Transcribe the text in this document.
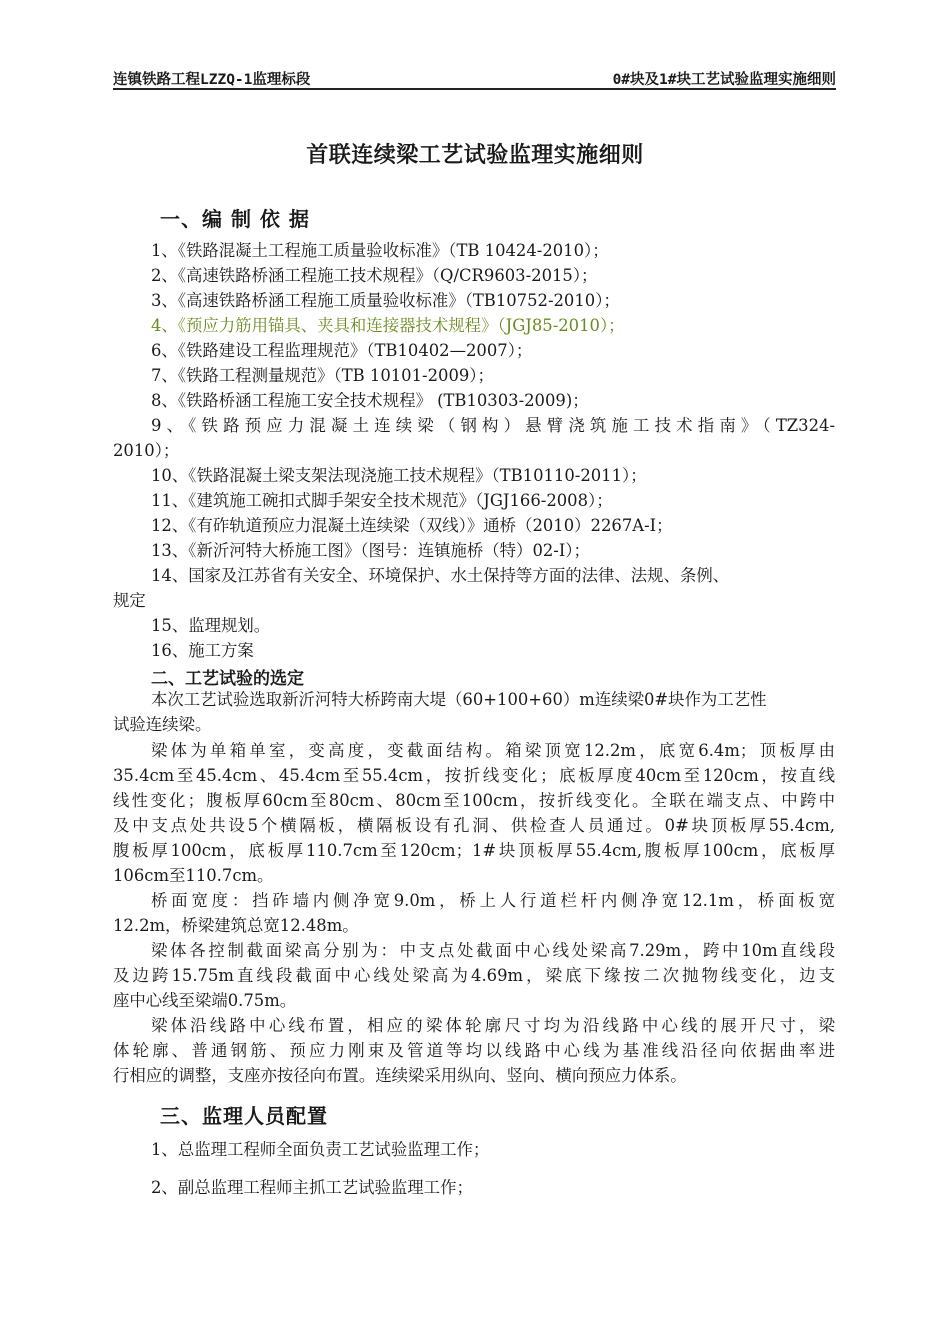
连镇铁路工程LZZQ-1监理标段	0#块及1#块工艺试验监理实施细则
首联连续梁工艺试验监理实施细则
一、编 制 依 据
1、《铁路混凝土工程施工质量验收标准》（TB 10424-2010）；
2、《高速铁路桥涵工程施工技术规程》（Q/CR9603-2015）；
3、《高速铁路桥涵工程施工质量验收标准》（TB10752-2010）；
4、《预应力筋用锚具、夹具和连接器技术规程》（JGJ85-2010）；
6、《铁路建设工程监理规范》（TB10402—2007）；
7、《铁路工程测量规范》（TB 10101-2009）；
8、《铁路桥涵工程施工安全技术规程》 (TB10303-2009)；
9、《铁路预应力混凝土连续梁（钢构）悬臂浇筑施工技术指南》（TZ324-
2010）；
10、《铁路混凝土梁支架法现浇施工技术规程》（TB10110-2011）；
11、《建筑施工碗扣式脚手架安全技术规范》（JGJ166-2008）；
12、《有砟轨道预应力混凝土连续梁（双线）》通桥（2010）2267A-Ⅰ；
13、《新沂河特大桥施工图》（图号：连镇施桥（特）02-Ⅰ）；
14、国家及江苏省有关安全、环境保护、水土保持等方面的法律、法规、条例、
规定
15、监理规划。
16、施工方案
二、工艺试验的选定
本次工艺试验选取新沂河特大桥跨南大堤（60+100+60）m连续梁0#块作为工艺性
试验连续梁。
梁体为单箱单室，变高度，变截面结构。箱梁顶宽12.2m，底宽6.4m；顶板厚由
35.4cm至45.4cm、45.4cm至55.4cm，按折线变化；底板厚度40cm至120cm，按直线
线性变化；腹板厚60cm至80cm、80cm至100cm，按折线变化。全联在端支点、中跨中
及中支点处共设5个横隔板，横隔板设有孔洞、供检查人员通过。0#块顶板厚55.4cm,
腹板厚100cm，底板厚110.7cm至120cm；1#块顶板厚55.4cm,腹板厚100cm，底板厚
106cm至110.7cm。
桥面宽度：挡砟墙内侧净宽9.0m，桥上人行道栏杆内侧净宽12.1m，桥面板宽
12.2m，桥梁建筑总宽12.48m。
梁体各控制截面梁高分别为：中支点处截面中心线处梁高7.29m，跨中10m直线段
及边跨15.75m直线段截面中心线处梁高为4.69m，梁底下缘按二次抛物线变化，边支
座中心线至梁端0.75m。
梁体沿线路中心线布置，相应的梁体轮廓尺寸均为沿线路中心线的展开尺寸，梁
体轮廓、普通钢筋、预应力刚束及管道等均以线路中心线为基准线沿径向依据曲率进
行相应的调整，支座亦按径向布置。连续梁采用纵向、竖向、横向预应力体系。
三、监理人员配置
1、总监理工程师全面负责工艺试验监理工作；
2、副总监理工程师主抓工艺试验监理工作；
